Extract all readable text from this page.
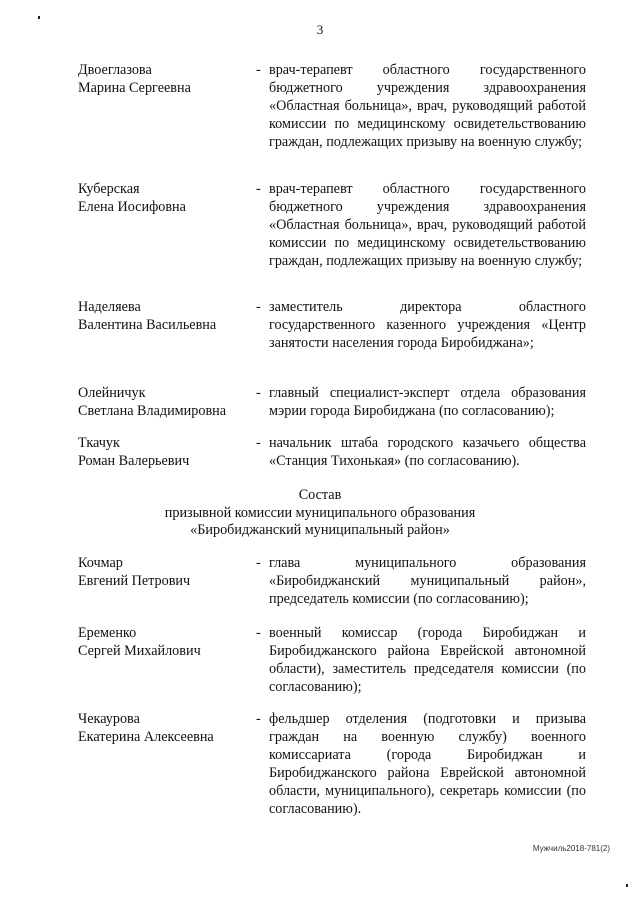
3
Двоеглазова
Марина Сергеевна
- врач-терапевт областного государственного бюджетного учреждения здравоохранения «Областная больница», врач, руководящий работой комиссии по медицинскому освидетельствованию граждан, подлежащих призыву на военную службу;
Куберская
Елена Иосифовна
- врач-терапевт областного государственного бюджетного учреждения здравоохранения «Областная больница», врач, руководящий работой комиссии по медицинскому освидетельствованию граждан, подлежащих призыву на военную службу;
Наделяева
Валентина Васильевна
- заместитель директора областного государственного казенного учреждения «Центр занятости населения города Биробиджана»;
Олейничук
Светлана Владимировна
- главный специалист-эксперт отдела образования мэрии города Биробиджана (по согласованию);
Ткачук
Роман Валерьевич
- начальник штаба городского казачьего общества «Станция Тихонькая» (по согласованию).
Состав
призывной комиссии муниципального образования
«Биробиджанский муниципальный район»
Кочмар
Евгений Петрович
- глава муниципального образования «Биробиджанский муниципальный район», председатель комиссии (по согласованию);
Еременко
Сергей Михайлович
- военный комиссар (города Биробиджан и Биробиджанского района Еврейской автономной области), заместитель председателя комиссии (по согласованию);
Чекаурова
Екатерина Алексеевна
- фельдшер отделения (подготовки и призыва граждан на военную службу) военного комиссариата (города Биробиджан и Биробиджанского района Еврейской автономной области, муниципального), секретарь комиссии (по согласованию).
Мужчиль2018-781(2)
